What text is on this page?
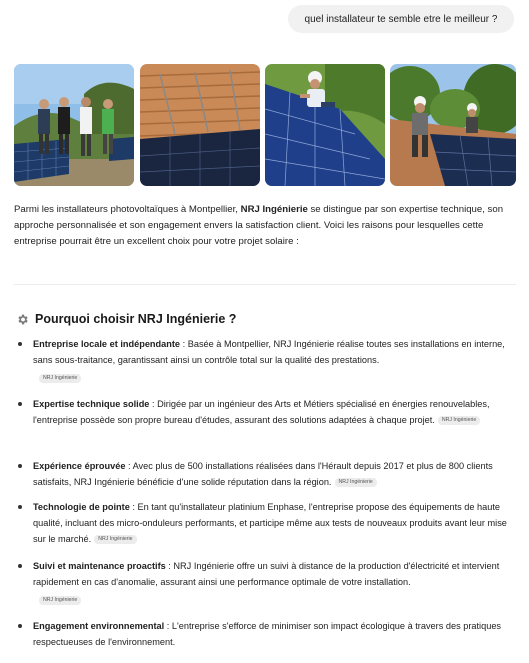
quel installateur te semble etre le meilleur ?
Parmi les installateurs photovoltaïques à Montpellier, NRJ Ingénierie se distingue par son expertise technique, son approche personnalisée et son engagement envers la satisfaction client. Voici les raisons pour lesquelles cette entreprise pourrait être un excellent choix pour votre projet solaire :
Pourquoi choisir NRJ Ingénierie ?
Entreprise locale et indépendante : Basée à Montpellier, NRJ Ingénierie réalise toutes ses installations en interne, sans sous-traitance, garantissant ainsi un contrôle total sur la qualité des prestations.
NRJ Ingénierie
Expertise technique solide : Dirigée par un ingénieur des Arts et Métiers spécialisé en énergies renouvelables, l'entreprise possède son propre bureau d'études, assurant des solutions adaptées à chaque projet. NRJ Ingénierie
Expérience éprouvée : Avec plus de 500 installations réalisées dans l'Hérault depuis 2017 et plus de 800 clients satisfaits, NRJ Ingénierie bénéficie d'une solide réputation dans la région. NRJ Ingénierie
Technologie de pointe : En tant qu'installateur platinium Enphase, l'entreprise propose des équipements de haute qualité, incluant des micro-onduleurs performants, et participe même aux tests de nouveaux produits avant leur mise sur le marché. NRJ Ingénierie
Suivi et maintenance proactifs : NRJ Ingénierie offre un suivi à distance de la production d'électricité et intervient rapidement en cas d'anomalie, assurant ainsi une performance optimale de votre installation.
NRJ Ingénierie
Engagement environnemental : L'entreprise s'efforce de minimiser son impact écologique à travers des pratiques respectueuses de l'environnement.
